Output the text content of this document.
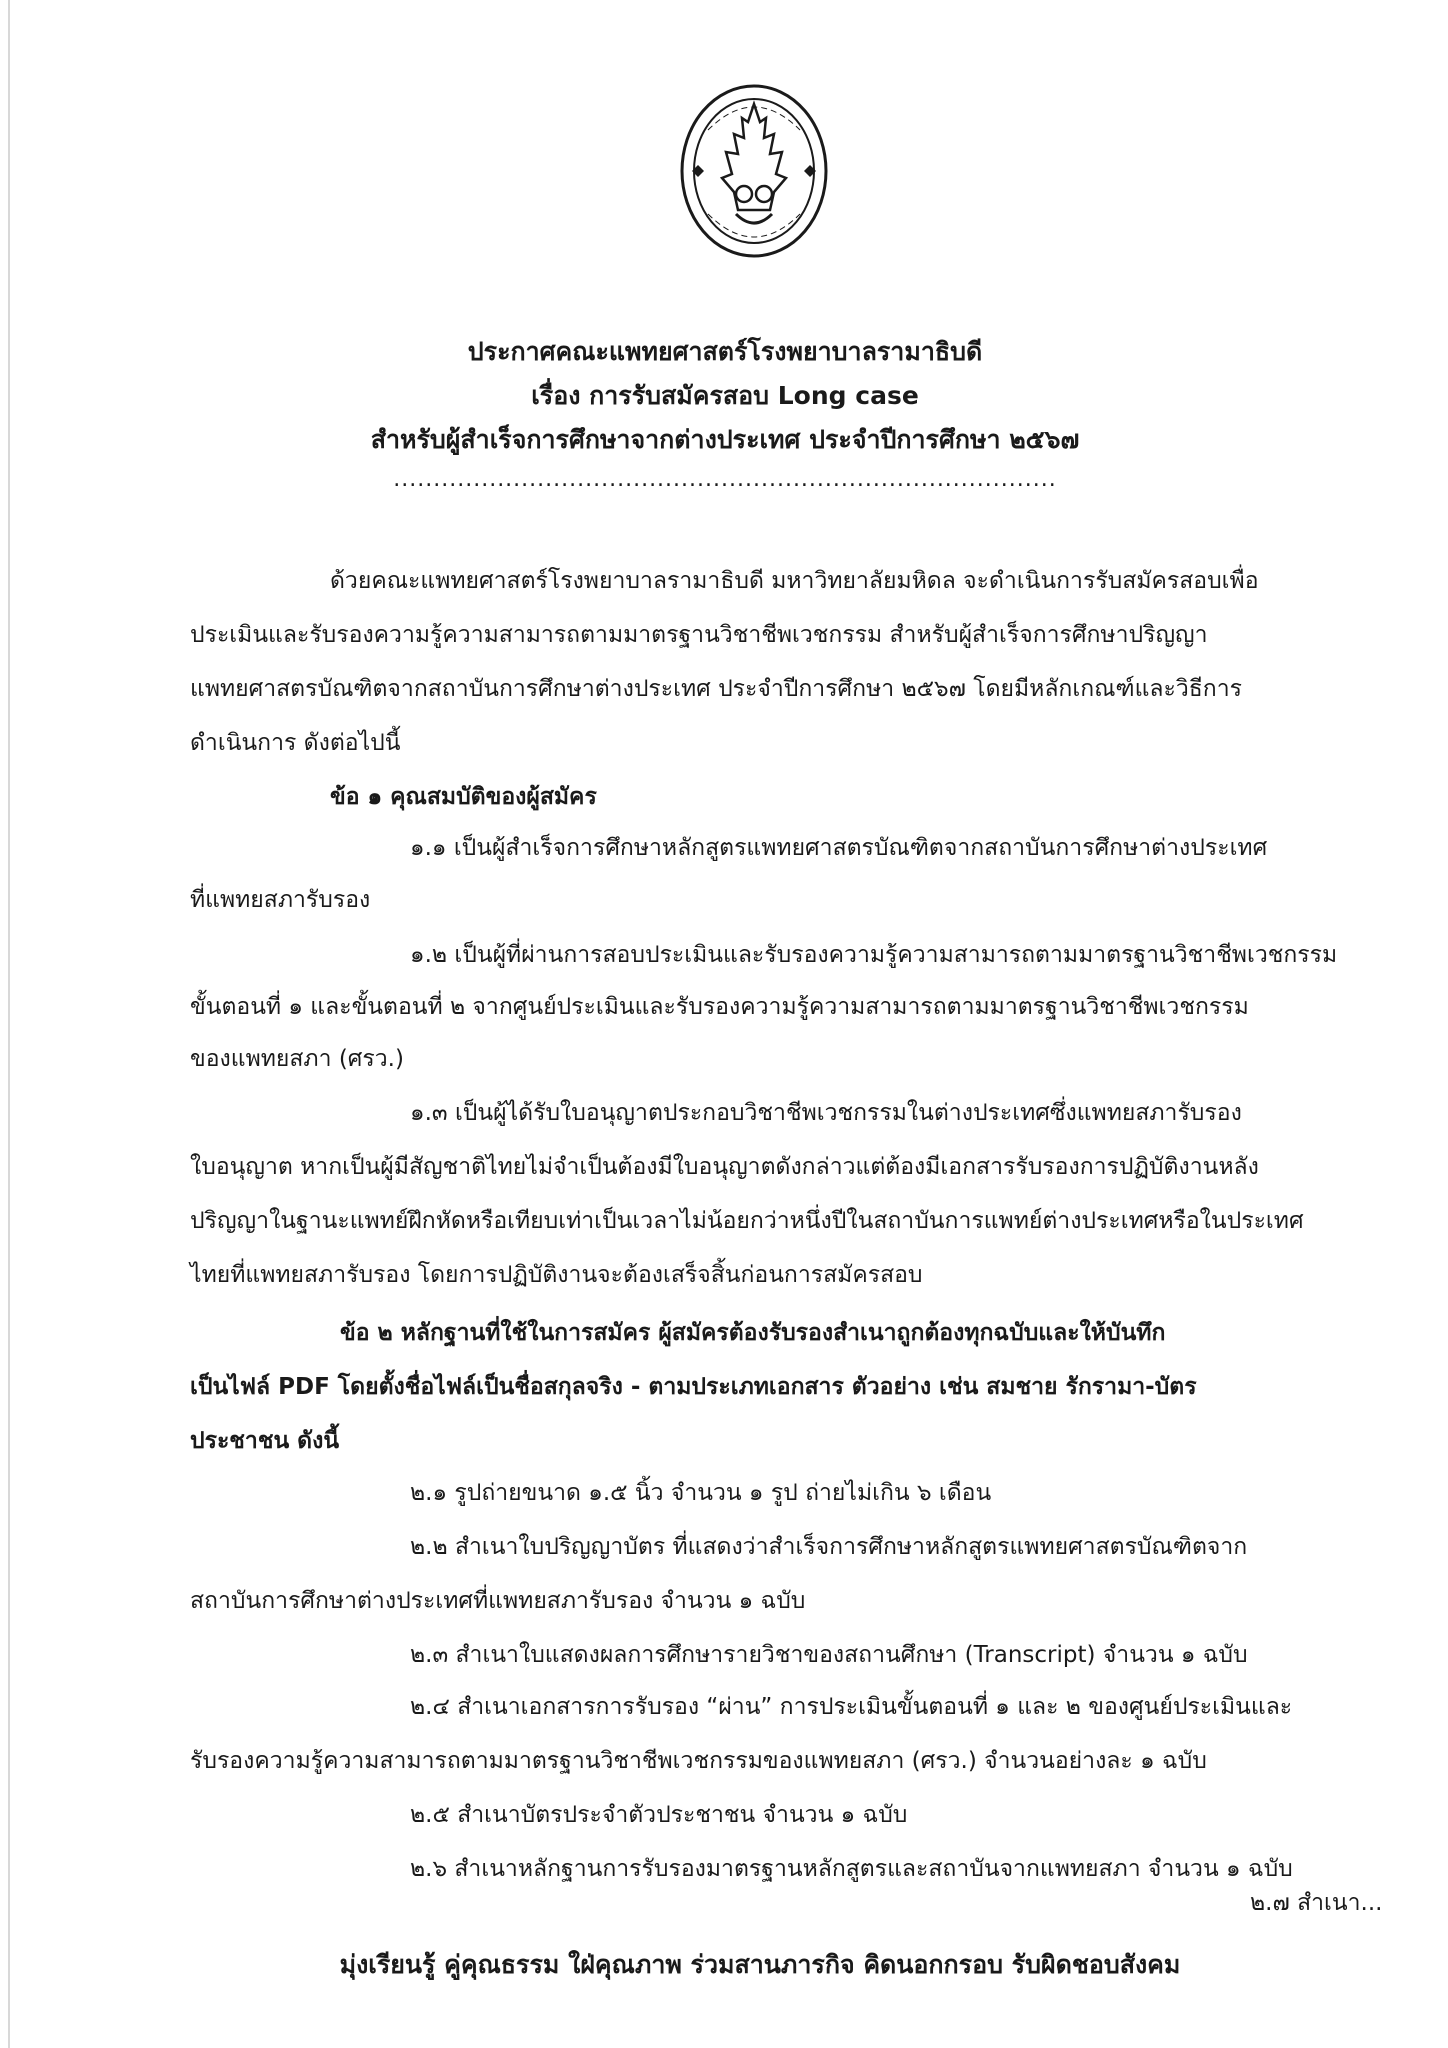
ประกาศคณะแพทยศาสตร์โรงพยาบาลรามาธิบดี
เรื่อง การรับสมัครสอบ Long case
สำหรับผู้สำเร็จการศึกษาจากต่างประเทศ ประจำปีการศึกษา ๒๕๖๗
...................................................................................
ด้วยคณะแพทยศาสตร์โรงพยาบาลรามาธิบดี มหาวิทยาลัยมหิดล จะดำเนินการรับสมัครสอบเพื่อ
ประเมินและรับรองความรู้ความสามารถตามมาตรฐานวิชาชีพเวชกรรม สำหรับผู้สำเร็จการศึกษาปริญญา
แพทยศาสตรบัณฑิตจากสถาบันการศึกษาต่างประเทศ ประจำปีการศึกษา ๒๕๖๗ โดยมีหลักเกณฑ์และวิธีการ
ดำเนินการ ดังต่อไปนี้
ข้อ ๑ คุณสมบัติของผู้สมัคร
๑.๑ เป็นผู้สำเร็จการศึกษาหลักสูตรแพทยศาสตรบัณฑิตจากสถาบันการศึกษาต่างประเทศ
ที่แพทยสภารับรอง
๑.๒ เป็นผู้ที่ผ่านการสอบประเมินและรับรองความรู้ความสามารถตามมาตรฐานวิชาชีพเวชกรรม
ขั้นตอนที่ ๑ และขั้นตอนที่ ๒ จากศูนย์ประเมินและรับรองความรู้ความสามารถตามมาตรฐานวิชาชีพเวชกรรม
ของแพทยสภา (ศรว.)
๑.๓ เป็นผู้ได้รับใบอนุญาตประกอบวิชาชีพเวชกรรมในต่างประเทศซึ่งแพทยสภารับรอง
ใบอนุญาต หากเป็นผู้มีสัญชาติไทยไม่จำเป็นต้องมีใบอนุญาตดังกล่าวแต่ต้องมีเอกสารรับรองการปฏิบัติงานหลัง
ปริญญาในฐานะแพทย์ฝึกหัดหรือเทียบเท่าเป็นเวลาไม่น้อยกว่าหนึ่งปีในสถาบันการแพทย์ต่างประเทศหรือในประเทศ
ไทยที่แพทยสภารับรอง โดยการปฏิบัติงานจะต้องเสร็จสิ้นก่อนการสมัครสอบ
ข้อ ๒ หลักฐานที่ใช้ในการสมัคร ผู้สมัครต้องรับรองสำเนาถูกต้องทุกฉบับและให้บันทึก
เป็นไฟล์ PDF โดยตั้งชื่อไฟล์เป็นชื่อสกุลจริง - ตามประเภทเอกสาร ตัวอย่าง เช่น สมชาย รักรามา-บัตร
ประชาชน ดังนี้
๒.๑ รูปถ่ายขนาด ๑.๕ นิ้ว จำนวน ๑ รูป ถ่ายไม่เกิน ๖ เดือน
๒.๒ สำเนาใบปริญญาบัตร ที่แสดงว่าสำเร็จการศึกษาหลักสูตรแพทยศาสตรบัณฑิตจาก
สถาบันการศึกษาต่างประเทศที่แพทยสภารับรอง จำนวน ๑ ฉบับ
๒.๓ สำเนาใบแสดงผลการศึกษารายวิชาของสถานศึกษา (Transcript) จำนวน ๑ ฉบับ
๒.๔ สำเนาเอกสารการรับรอง “ผ่าน” การประเมินขั้นตอนที่ ๑ และ ๒ ของศูนย์ประเมินและ
รับรองความรู้ความสามารถตามมาตรฐานวิชาชีพเวชกรรมของแพทยสภา (ศรว.) จำนวนอย่างละ ๑ ฉบับ
๒.๕ สำเนาบัตรประจำตัวประชาชน จำนวน ๑ ฉบับ
๒.๖ สำเนาหลักฐานการรับรองมาตรฐานหลักสูตรและสถาบันจากแพทยสภา จำนวน ๑ ฉบับ
๒.๗ สำเนา...
มุ่งเรียนรู้ คู่คุณธรรม ใฝ่คุณภาพ ร่วมสานภารกิจ คิดนอกกรอบ รับผิดชอบสังคม
